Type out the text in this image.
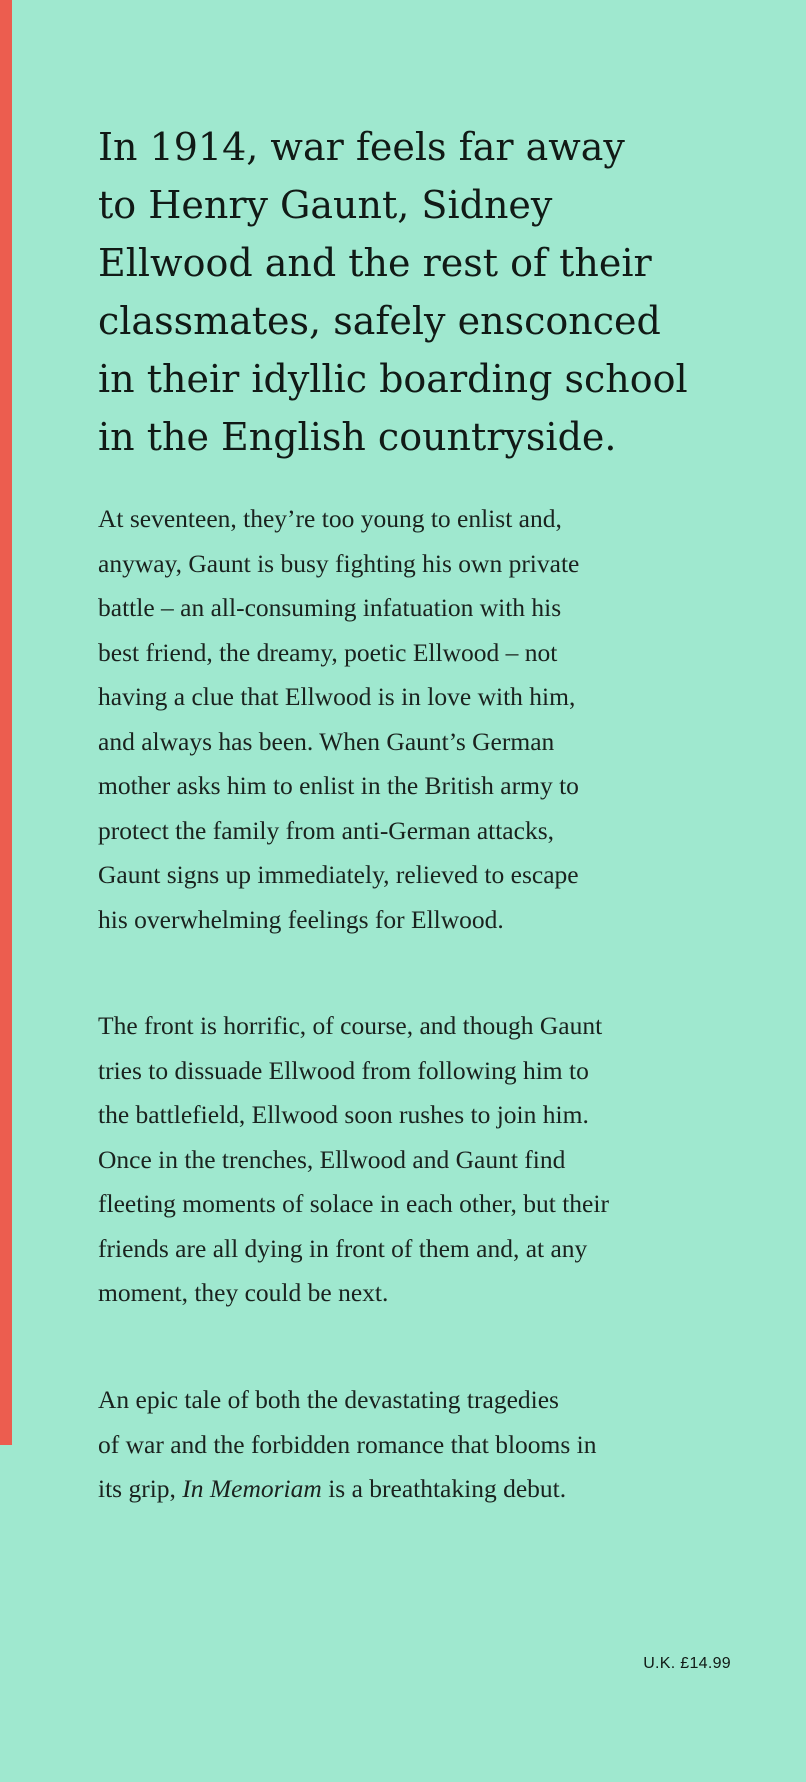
In 1914, war feels far away
to Henry Gaunt, Sidney
Ellwood and the rest of their
classmates, safely ensconced
in their idyllic boarding school
in the English countryside.

At seventeen, they’re too young to enlist and,
anyway, Gaunt is busy fighting his own private
battle – an all-consuming infatuation with his
best friend, the dreamy, poetic Ellwood – not
having a clue that Ellwood is in love with him,
and always has been. When Gaunt’s German
mother asks him to enlist in the British army to
protect the family from anti-German attacks,
Gaunt signs up immediately, relieved to escape
his overwhelming feelings for Ellwood.

The front is horrific, of course, and though Gaunt
tries to dissuade Ellwood from following him to
the battlefield, Ellwood soon rushes to join him.
Once in the trenches, Ellwood and Gaunt find
fleeting moments of solace in each other, but their
friends are all dying in front of them and, at any
moment, they could be next.

An epic tale of both the devastating tragedies
of war and the forbidden romance that blooms in
its grip, In Memoriam is a breathtaking debut.

U.K. £14.99
